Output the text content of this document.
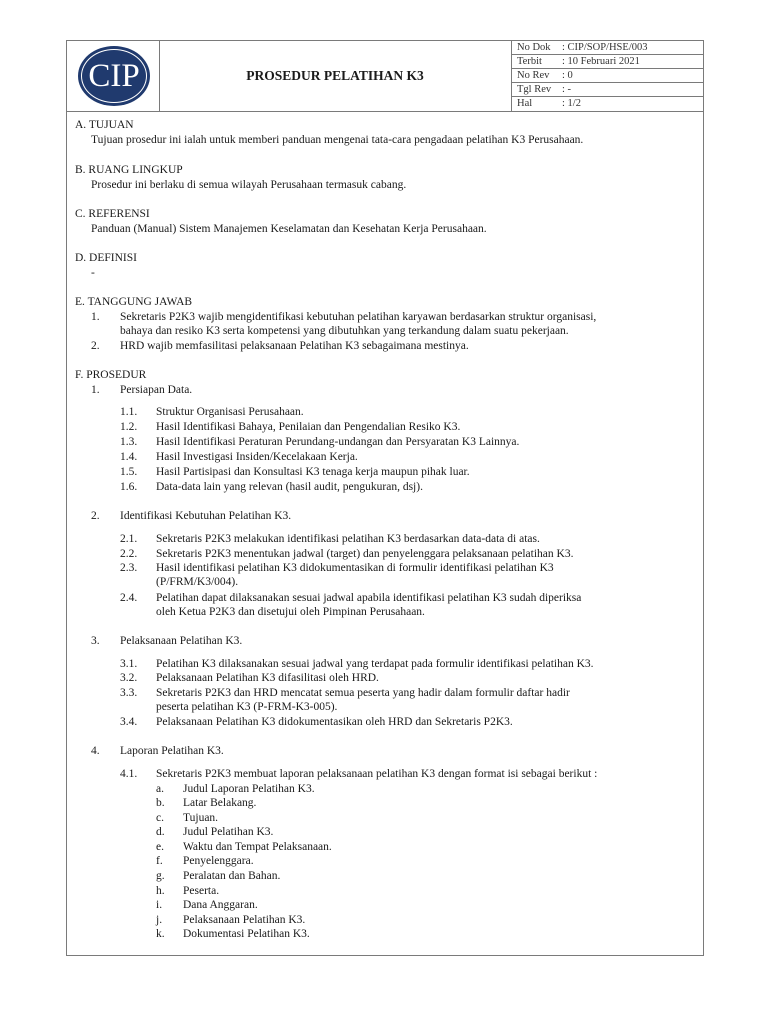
CIP	PROSEDUR PELATIHAN K3
No Dok : CIP/SOP/HSE/003
Terbit : 10 Februari 2021
No Rev : 0
Tgl Rev : -
Hal	: 1/2
A. TUJUAN
Tujuan prosedur ini ialah untuk memberi panduan mengenai tata-cara pengadaan pelatihan K3 Perusahaan.
B. RUANG LINGKUP
Prosedur ini berlaku di semua wilayah Perusahaan termasuk cabang.
C. REFERENSI
Panduan (Manual) Sistem Manajemen Keselamatan dan Kesehatan Kerja Perusahaan.
D. DEFINISI
-
E. TANGGUNG JAWAB
1. Sekretaris P2K3 wajib mengidentifikasi kebutuhan pelatihan karyawan berdasarkan struktur organisasi,
bahaya dan resiko K3 serta kompetensi yang dibutuhkan yang terkandung dalam suatu pekerjaan.
2. HRD wajib memfasilitasi pelaksanaan Pelatihan K3 sebagaimana mestinya.
F. PROSEDUR
1. Persiapan Data.
1.1. Struktur Organisasi Perusahaan.
1.2. Hasil Identifikasi Bahaya, Penilaian dan Pengendalian Resiko K3.
1.3. Hasil Identifikasi Peraturan Perundang-undangan dan Persyaratan K3 Lainnya.
1.4. Hasil Investigasi Insiden/Kecelakaan Kerja.
1.5. Hasil Partisipasi dan Konsultasi K3 tenaga kerja maupun pihak luar.
1.6. Data-data lain yang relevan (hasil audit, pengukuran, dsj).
2. Identifikasi Kebutuhan Pelatihan K3.
2.1. Sekretaris P2K3 melakukan identifikasi pelatihan K3 berdasarkan data-data di atas.
2.2. Sekretaris P2K3 menentukan jadwal (target) dan penyelenggara pelaksanaan pelatihan K3.
2.3. Hasil identifikasi pelatihan K3 didokumentasikan di formulir identifikasi pelatihan K3
(P/FRM/K3/004).
2.4. Pelatihan dapat dilaksanakan sesuai jadwal apabila identifikasi pelatihan K3 sudah diperiksa
oleh Ketua P2K3 dan disetujui oleh Pimpinan Perusahaan.
3. Pelaksanaan Pelatihan K3.
3.1. Pelatihan K3 dilaksanakan sesuai jadwal yang terdapat pada formulir identifikasi pelatihan K3.
3.2. Pelaksanaan Pelatihan K3 difasilitasi oleh HRD.
3.3. Sekretaris P2K3 dan HRD mencatat semua peserta yang hadir dalam formulir daftar hadir
peserta pelatihan K3 (P-FRM-K3-005).
3.4. Pelaksanaan Pelatihan K3 didokumentasikan oleh HRD dan Sekretaris P2K3.
4. Laporan Pelatihan K3.
4.1. Sekretaris P2K3 membuat laporan pelaksanaan pelatihan K3 dengan format isi sebagai berikut :
a. Judul Laporan Pelatihan K3.
b. Latar Belakang.
c. Tujuan.
d. Judul Pelatihan K3.
e. Waktu dan Tempat Pelaksanaan.
f. Penyelenggara.
g. Peralatan dan Bahan.
h. Peserta.
i. Dana Anggaran.
j. Pelaksanaan Pelatihan K3.
k. Dokumentasi Pelatihan K3.
